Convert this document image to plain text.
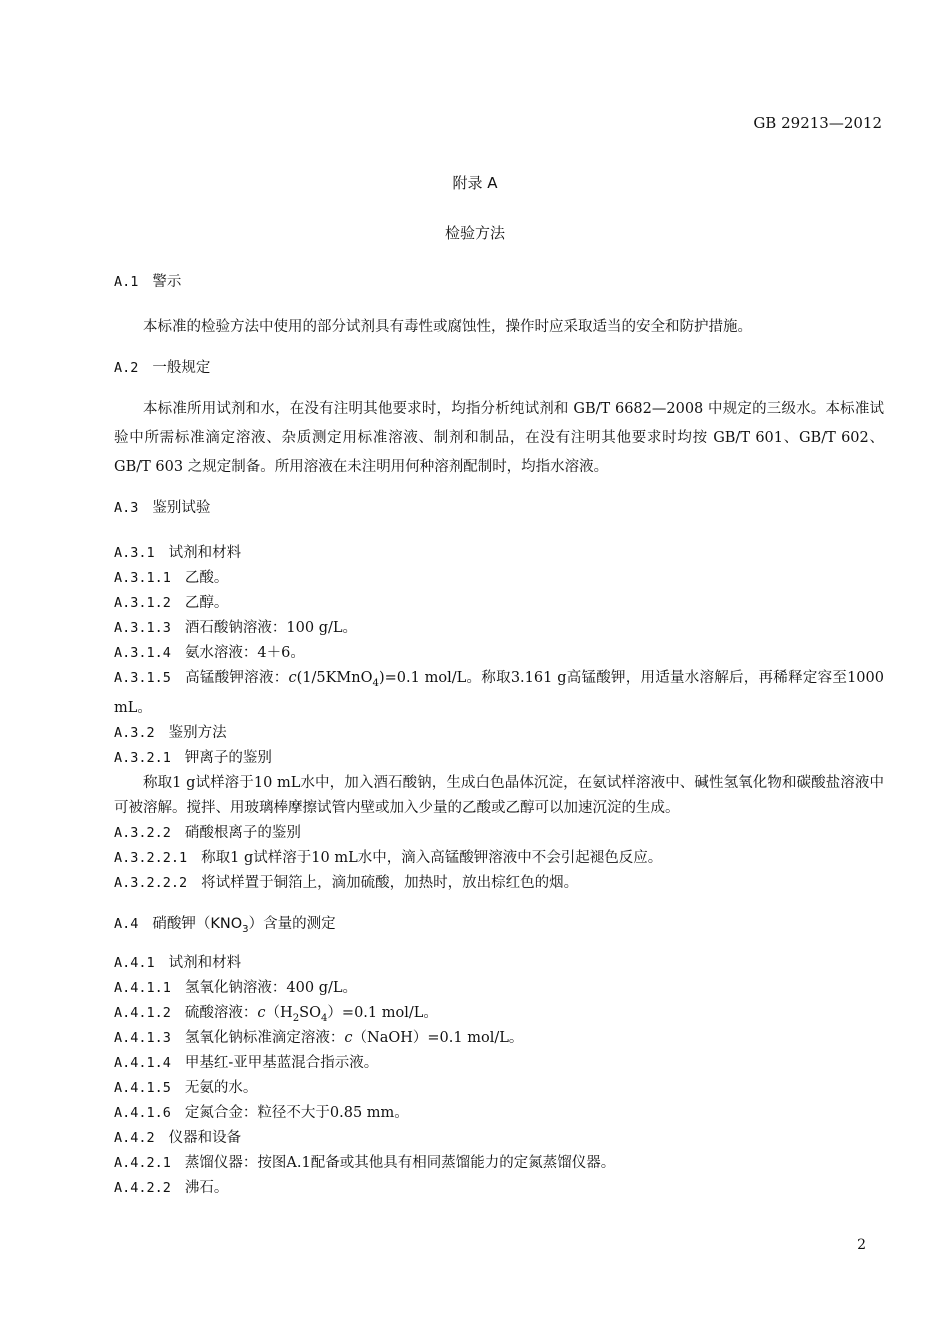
GB 29213—2012
附录 A
检验方法
A.1 警示

本标准的检验方法中使用的部分试剂具有毒性或腐蚀性，操作时应采取适当的安全和防护措施。

A.2 一般规定

本标准所用试剂和水，在没有注明其他要求时，均指分析纯试剂和 GB/T 6682—2008 中规定的三级水。本标准试验中所需标准滴定溶液、杂质测定用标准溶液、制剂和制品，在没有注明其他要求时均按 GB/T 601、GB/T 602、GB/T 603 之规定制备。所用溶液在未注明用何种溶剂配制时，均指水溶液。

A.3 鉴别试验
A.3.1 试剂和材料
A.3.1.1 乙酸。
A.3.1.2 乙醇。
A.3.1.3 酒石酸钠溶液：100 g/L。
A.3.1.4 氨水溶液：4＋6。

A.3.1.5 高锰酸钾溶液：c(1/5KMnO$_4$)=0.1 mol/L。称取3.161 g高锰酸钾，用适量水溶解后，再稀释定容至1000 mL。

A.3.2 鉴别方法
A.3.2.1 钾离子的鉴别

称取1 g试样溶于10 mL水中，加入酒石酸钠，生成白色晶体沉淀，在氨试样溶液中、碱性氢氧化物和碳酸盐溶液中可被溶解。搅拌、用玻璃棒摩擦试管内壁或加入少量的乙酸或乙醇可以加速沉淀的生成。

A.3.2.2 硝酸根离子的鉴别
A.3.2.2.1 称取1 g试样溶于10 mL水中，滴入高锰酸钾溶液中不会引起褪色反应。
A.3.2.2.2 将试样置于铜箔上，滴加硫酸，加热时，放出棕红色的烟。
A.4 硝酸钾$(KNO_3)$含量的测定
A.4.1 试剂和材料
A.4.1.1 氢氧化钠溶液：400 g/L。
A.4.1.2 硫酸溶液：$c(H_2SO_4)=0.1$ mol/L。
A.4.1.3 氢氧化钠标准滴定溶液：c（NaOH）=0.1 mol/L。
A.4.1.4 甲基红-亚甲基蓝混合指示液。
A.4.1.5 无氨的水。
A.4.1.6 定氮合金：粒径不大于0.85 mm。
A.4.2 仪器和设备
A.4.2.1 蒸馏仪器：按图A.1配备或其他具有相同蒸馏能力的定氮蒸馏仪器。
A.4.2.2 沸石。
2
